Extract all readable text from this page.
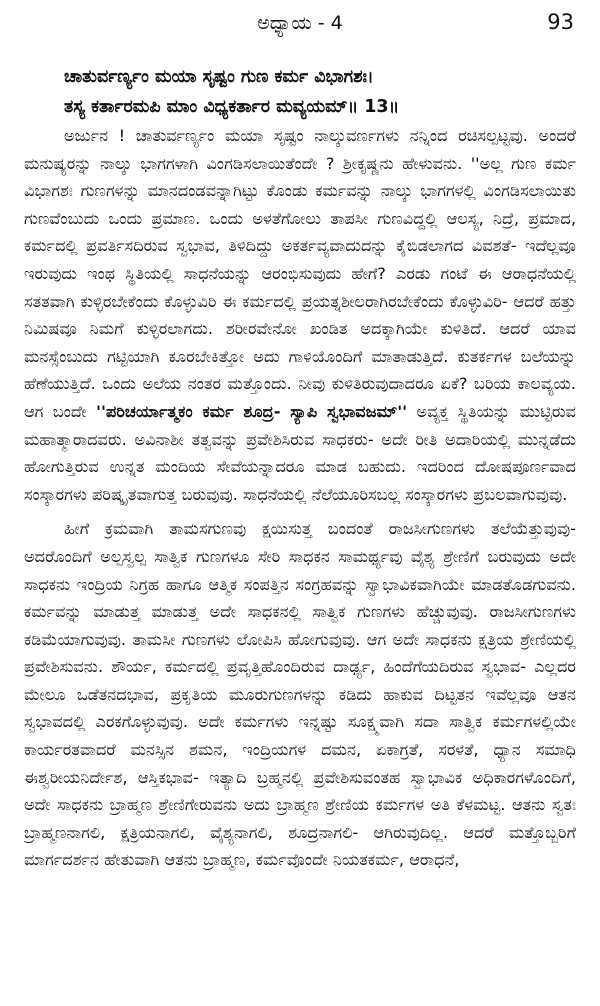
ಅಧ್ಯಾಯ - 4	93
ಚಾತುರ್ವರ್ಣ್ಯಂ ಮಯಾ ಸೃಷ್ಟಂ ಗುಣ ಕರ್ಮ ವಿಭಾಗಶಃ।
ತಸ್ಯ ಕರ್ತಾರಮಪಿ ಮಾಂ ವಿಧ್ಯಕರ್ತಾರ ಮವ್ಯಯಮ್॥ 13॥

ಅರ್ಜುನ ! ಚಾತುರ್ವರ್ಣ್ಯಂ ಮಯಾ ಸೃಷ್ಟಂ ನಾಲ್ಕುವರ್ಣಗಳು ನನ್ನಿಂದ ರಚಿಸಲ್ಪಟ್ಟವು. ಅಂದರೆ ಮನುಷ್ಯರನ್ನು ನಾಲ್ಕು ಭಾಗಗಳಾಗಿ ವಿಂಗಡಿಸಲಾಯಿತೆಂದೇ ? ಶ್ರೀಕೃಷ್ಣನು ಹೇಳುವನು. ''ಅಲ್ಲ ಗುಣ ಕರ್ಮ ವಿಭಾಗಶಃ ಗುಣಗಳನ್ನು ಮಾನದಂಡವನ್ನಾಗಿಟ್ಟು ಕೊಂಡು ಕರ್ಮವನ್ನು ನಾಲ್ಕು ಭಾಗಗಳಲ್ಲಿ ವಿಂಗಡಿಸಲಾಯಿತು ಗುಣವೆಂಬುದು ಒಂದು ಪ್ರಮಾಣ. ಒಂದು ಅಳತೆಗೋಲು ತಾಪಸೀ ಗುಣವಿದ್ದಲ್ಲಿ ಆಲಸ್ಯ, ನಿದ್ರೆ, ಪ್ರಮಾದ, ಕರ್ಮದಲ್ಲಿ ಪ್ರವರ್ತಿಸದಿರುವ ಸ್ವಭಾವ, ತಿಳಿದಿದ್ದು ಅಕರ್ತವ್ಯವಾದುದನ್ನು ಕೈಬಿಡಲಾಗದ ವಿವಶತೆ- ಇದೆಲ್ಲವೂ ಇರುವುದು ಇಂಥ ಸ್ಥಿತಿಯಲ್ಲಿ ಸಾಧನೆಯನ್ನು ಆರಂಭಿಸುವುದು ಹೇಗೆ? ಎರಡು ಗಂಟೆ ಈ ಆರಾಧನೆಯಲ್ಲಿ ಸತತವಾಗಿ ಕುಳ್ಳಿರಬೇಕೆಂದು ಕೊಳ್ಳುವಿರಿ ಈ ಕರ್ಮದಲ್ಲಿ ಪ್ರಯತ್ನಶೀಲರಾಗಿರಬೇಕೆಂದು ಕೊಳ್ಳುವಿರಿ- ಆದರೆ ಹತ್ತು ನಿಮಿಷವೂ ನಿಮಗೆ ಕುಳ್ಳಿರಲಾಗದು. ಶರೀರವೇನೋ ಖಂಡಿತ ಅದಕ್ಕಾಗಿಯೇ ಕುಳಿತಿದೆ. ಆದರೆ ಯಾವ ಮನಸ್ಸೆಂಬುದು ಗಟ್ಟಿಯಾಗಿ ಕೂರಬೇಕಿತ್ತೋ ಅದು ಗಾಳಿಯೊಂದಿಗೆ ಮಾತಾಡುತ್ತಿದೆ. ಕುತರ್ಕಗಳ ಬಲೆಯನ್ನು ಹೆಣೆಯುತ್ತಿದೆ. ಒಂದು ಅಲೆಯ ನಂತರ ಮತ್ತೊಂದು. ನೀವು ಕುಳಿತಿರುವುದಾದರೂ ಏಕೆ? ಬರಿಯ ಕಾಲವ್ಯಯ. ಆಗ ಬಂದೇ ''ಪರಿಚರ್ಯಾತ್ಮಕಂ ಕರ್ಮ ಶೂದ್ರ- ಸ್ಯಾಪಿ ಸ್ವಭಾವಜಮ್'' ಅವ್ಯಕ್ತ ಸ್ಥಿತಿಯನ್ನು ಮುಟ್ಟಿರುವ ಮಹಾತ್ಮಾರಾದವರು. ಅವಿನಾಶೀ ತತ್ವವನ್ನು ಪ್ರವೇಶಿಸಿರುವ ಸಾಧಕರು- ಅದೇ ರೀತಿ ಅದಾರಿಯಲ್ಲಿ ಮುನ್ನಡೆದು ಹೋಗುತ್ತಿರುವ ಉನ್ನತ ಮಂದಿಯ ಸೇವೆಯನ್ನಾದರೂ ಮಾಡ ಬಹುದು. ಇದರಿಂದ ದೋಷಪೂರ್ಣವಾದ ಸಂಸ್ಕಾರಗಳು ಪರಿಷ್ಕೃತವಾಗುತ್ತ ಬರುವುವು. ಸಾಧನೆಯಲ್ಲಿ ನೆಲೆಯೂರಿಸಬಲ್ಲ ಸಂಸ್ಕಾರಗಳು ಪ್ರಬಲವಾಗುವುವು.

ಹೀಗೆ ಕ್ರಮವಾಗಿ ತಾಮಸಗುಣವು ಕ್ಷಯಿಸುತ್ತ ಬಂದಂತೆ ರಾಜಸೀಗುಣಗಳು ತಲೆಯೆತ್ತುವುವು- ಅದರೊಂದಿಗೆ ಅಲ್ಪಸ್ವಲ್ಪ ಸಾತ್ವಿಕ ಗುಣಗಳೂ ಸೇರಿ ಸಾಧಕನ ಸಾಮರ್ಥ್ಯವು ವೈಶ್ಯ ಶ್ರೇಣಿಗೆ ಬರುವುದು ಅದೇ ಸಾಧಕನು ಇಂದ್ರಿಯ ನಿಗ್ರಹ ಹಾಗೂ ಆತ್ಮಿಕ ಸಂಪತ್ತಿನ ಸಂಗ್ರಹವನ್ನು ಸ್ವಾಭಾವಿಕವಾಗಿಯೇ ಮಾಡತೊಡಗುವನು. ಕರ್ಮವನ್ನು ಮಾಡುತ್ತ ಮಾಡುತ್ತ ಅದೇ ಸಾಧಕನಲ್ಲಿ ಸಾತ್ವಿಕ ಗುಣಗಳು ಹೆಚ್ಚುವುವು. ರಾಜಸೀಗುಣಗಳು ಕಡಿಮೆಯಾಗುವುವು. ತಾಮಸೀ ಗುಣಗಳು ಲೋಪಿಸಿ ಹೋಗುವುವು. ಆಗ ಅದೇ ಸಾಧಕನು ಕ್ಷತ್ರಿಯ ಶ್ರೇಣಿಯಲ್ಲಿ ಪ್ರವೇಶಿಸುವನು. ಶೌರ್ಯ, ಕರ್ಮದಲ್ಲಿ ಪ್ರವೃತ್ತಿಹೊಂದಿರುವ ದಾರ್ಢ್ಯ, ಹಿಂದೆಗೆಯದಿರುವ ಸ್ವಭಾವ- ಎಲ್ಲದರ ಮೇಲೂ ಒಡೆತನದಭಾವ, ಪ್ರಕೃತಿಯ ಮೂರುಗುಣಗಳನ್ನು ಕಡಿದು ಹಾಕುವ ದಿಟ್ಟತನ ಇವೆಲ್ಲವೂ ಆತನ ಸ್ವಭಾವದಲ್ಲಿ ಎರಕಗೊಳ್ಳುವುವು. ಅದೇ ಕರ್ಮಗಳು ಇನ್ನಷ್ಟು ಸೂಕ್ಷ್ಮವಾಗಿ ಸದಾ ಸಾತ್ವಿಕ ಕರ್ಮಗಳಲ್ಲಿಯೇ ಕಾರ್ಯರತವಾದರೆ ಮನಸ್ಸಿನ ಶಮನ, ಇಂದ್ರಿಯಗಳ ದಮನ, ಏಕಾಗ್ರತೆ, ಸರಳತೆ, ಧ್ಯಾನ ಸಮಾಧಿ ಈಶ್ವರೀಯನಿರ್ದೇಶ, ಆಸ್ತಿಕಭಾವ- ಇತ್ಯಾದಿ ಬ್ರಹ್ಮನಲ್ಲಿ ಪ್ರವೇಶಿಸುವಂತಹ ಸ್ವಾಭಾವಿಕ ಅಧಿಕಾರಗಳೊಂದಿಗೆ, ಅದೇ ಸಾಧಕನು ಬ್ರಾಹ್ಮಣ ಶ್ರೇಣಿಗೇರುವನು ಅದು ಬ್ರಾಹ್ಮಣ ಶ್ರೇಣಿಯ ಕರ್ಮಗಳ ಅತಿ ಕೆಳಮಟ್ಟ. ಆತನು ಸ್ವತಃ ಬ್ರಾಹ್ಮಣನಾಗಲಿ, ಕ್ಷತ್ರಿಯನಾಗಲಿ, ವೈಶ್ಯನಾಗಲಿ, ಶೂದ್ರನಾಗಲಿ- ಆಗಿರುವುದಿಲ್ಲ. ಆದರೆ ಮತ್ತೊಬ್ಬರಿಗೆ ಮಾರ್ಗದರ್ಶನ ಹೇತುವಾಗಿ ಆತನು ಬ್ರಾಹ್ಮಣ, ಕರ್ಮವೊಂದೇ ನಿಯತಕರ್ಮ, ಆರಾಧನೆ,
